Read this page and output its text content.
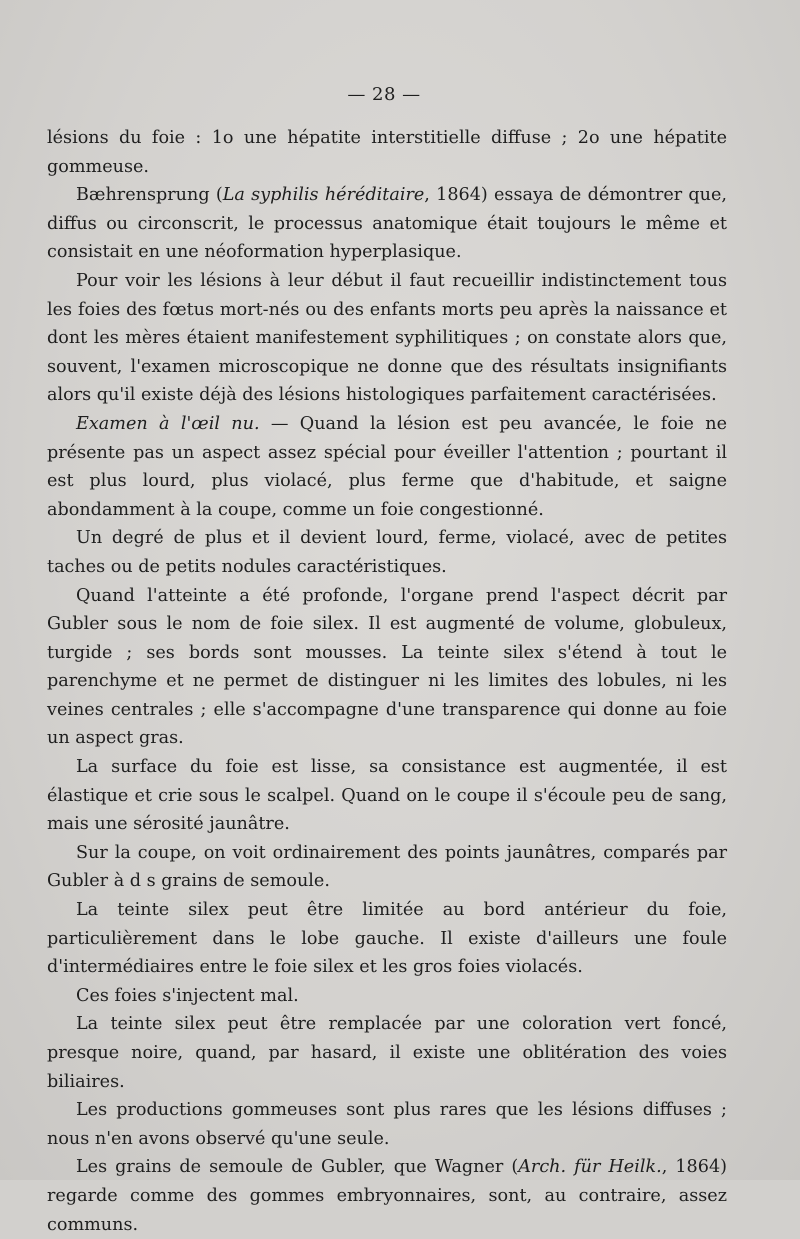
— 28 —

lésions du foie : 1o une hépatite interstitielle diffuse ; 2o une hépatite gommeuse.

Bæhrensprung (La syphilis héréditaire, 1864) essaya de démontrer que, diffus ou circonscrit, le processus anatomique était toujours le même et consistait en une néoformation hyperplasique.

Pour voir les lésions à leur début il faut recueillir indistinctement tous les foies des fœtus mort-nés ou des enfants morts peu après la naissance et dont les mères étaient manifestement syphilitiques ; on constate alors que, souvent, l'examen microscopique ne donne que des résultats insignifiants alors qu'il existe déjà des lésions histologiques parfaitement caractérisées.

Examen à l'œil nu. — Quand la lésion est peu avancée, le foie ne présente pas un aspect assez spécial pour éveiller l'attention ; pourtant il est plus lourd, plus violacé, plus ferme que d'habitude, et saigne abondamment à la coupe, comme un foie congestionné.

Un degré de plus et il devient lourd, ferme, violacé, avec de petites taches ou de petits nodules caractéristiques.

Quand l'atteinte a été profonde, l'organe prend l'aspect décrit par Gubler sous le nom de foie silex. Il est augmenté de volume, globuleux, turgide ; ses bords sont mousses. La teinte silex s'étend à tout le parenchyme et ne permet de distinguer ni les limites des lobules, ni les veines centrales ; elle s'accompagne d'une transparence qui donne au foie un aspect gras.

La surface du foie est lisse, sa consistance est augmentée, il est élastique et crie sous le scalpel. Quand on le coupe il s'écoule peu de sang, mais une sérosité jaunâtre.

Sur la coupe, on voit ordinairement des points jaunâtres, comparés par Gubler à d s grains de semoule.

La teinte silex peut être limitée au bord antérieur du foie, particulièrement dans le lobe gauche. Il existe d'ailleurs une foule d'intermédiaires entre le foie silex et les gros foies violacés.

Ces foies s'injectent mal.

La teinte silex peut être remplacée par une coloration vert foncé, presque noire, quand, par hasard, il existe une oblitération des voies biliaires.

Les productions gommeuses sont plus rares que les lésions diffuses ; nous n'en avons observé qu'une seule.

Les grains de semoule de Gubler, que Wagner (Arch. für Heilk., 1864) regarde comme des gommes embryonnaires, sont, au contraire, assez communs.
